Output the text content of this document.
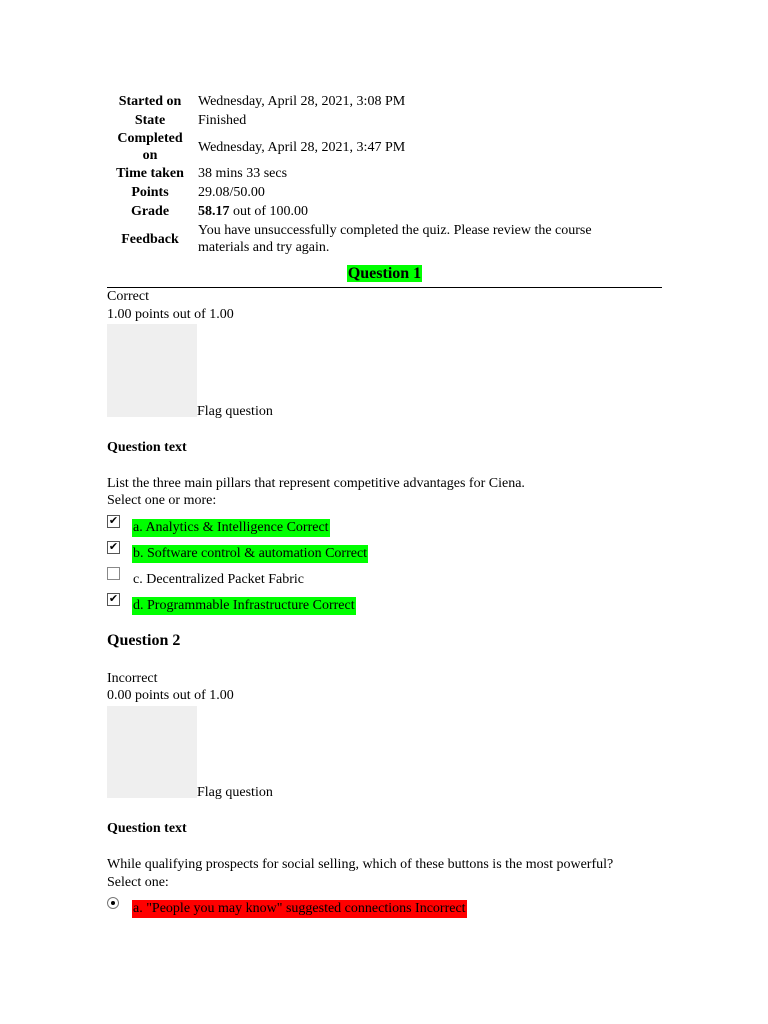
Started on	Wednesday, April 28, 2021, 3:08 PM
State	Finished
Completed on	Wednesday, April 28, 2021, 3:47 PM
Time taken	38 mins 33 secs
Points	29.08/50.00
Grade	58.17 out of 100.00
Feedback	You have unsuccessfully completed the quiz. Please review the course materials and try again.
Question 1
Correct
1.00 points out of 1.00
Flag question
Question text
List the three main pillars that represent competitive advantages for Ciena.
Select one or more:
✔ a. Analytics & Intelligence Correct
✔ b. Software control & automation Correct
c. Decentralized Packet Fabric
✔ d. Programmable Infrastructure Correct
Question 2
Incorrect
0.00 points out of 1.00
Flag question
Question text
While qualifying prospects for social selling, which of these buttons is the most powerful?
Select one:
a. "People you may know" suggested connections Incorrect
